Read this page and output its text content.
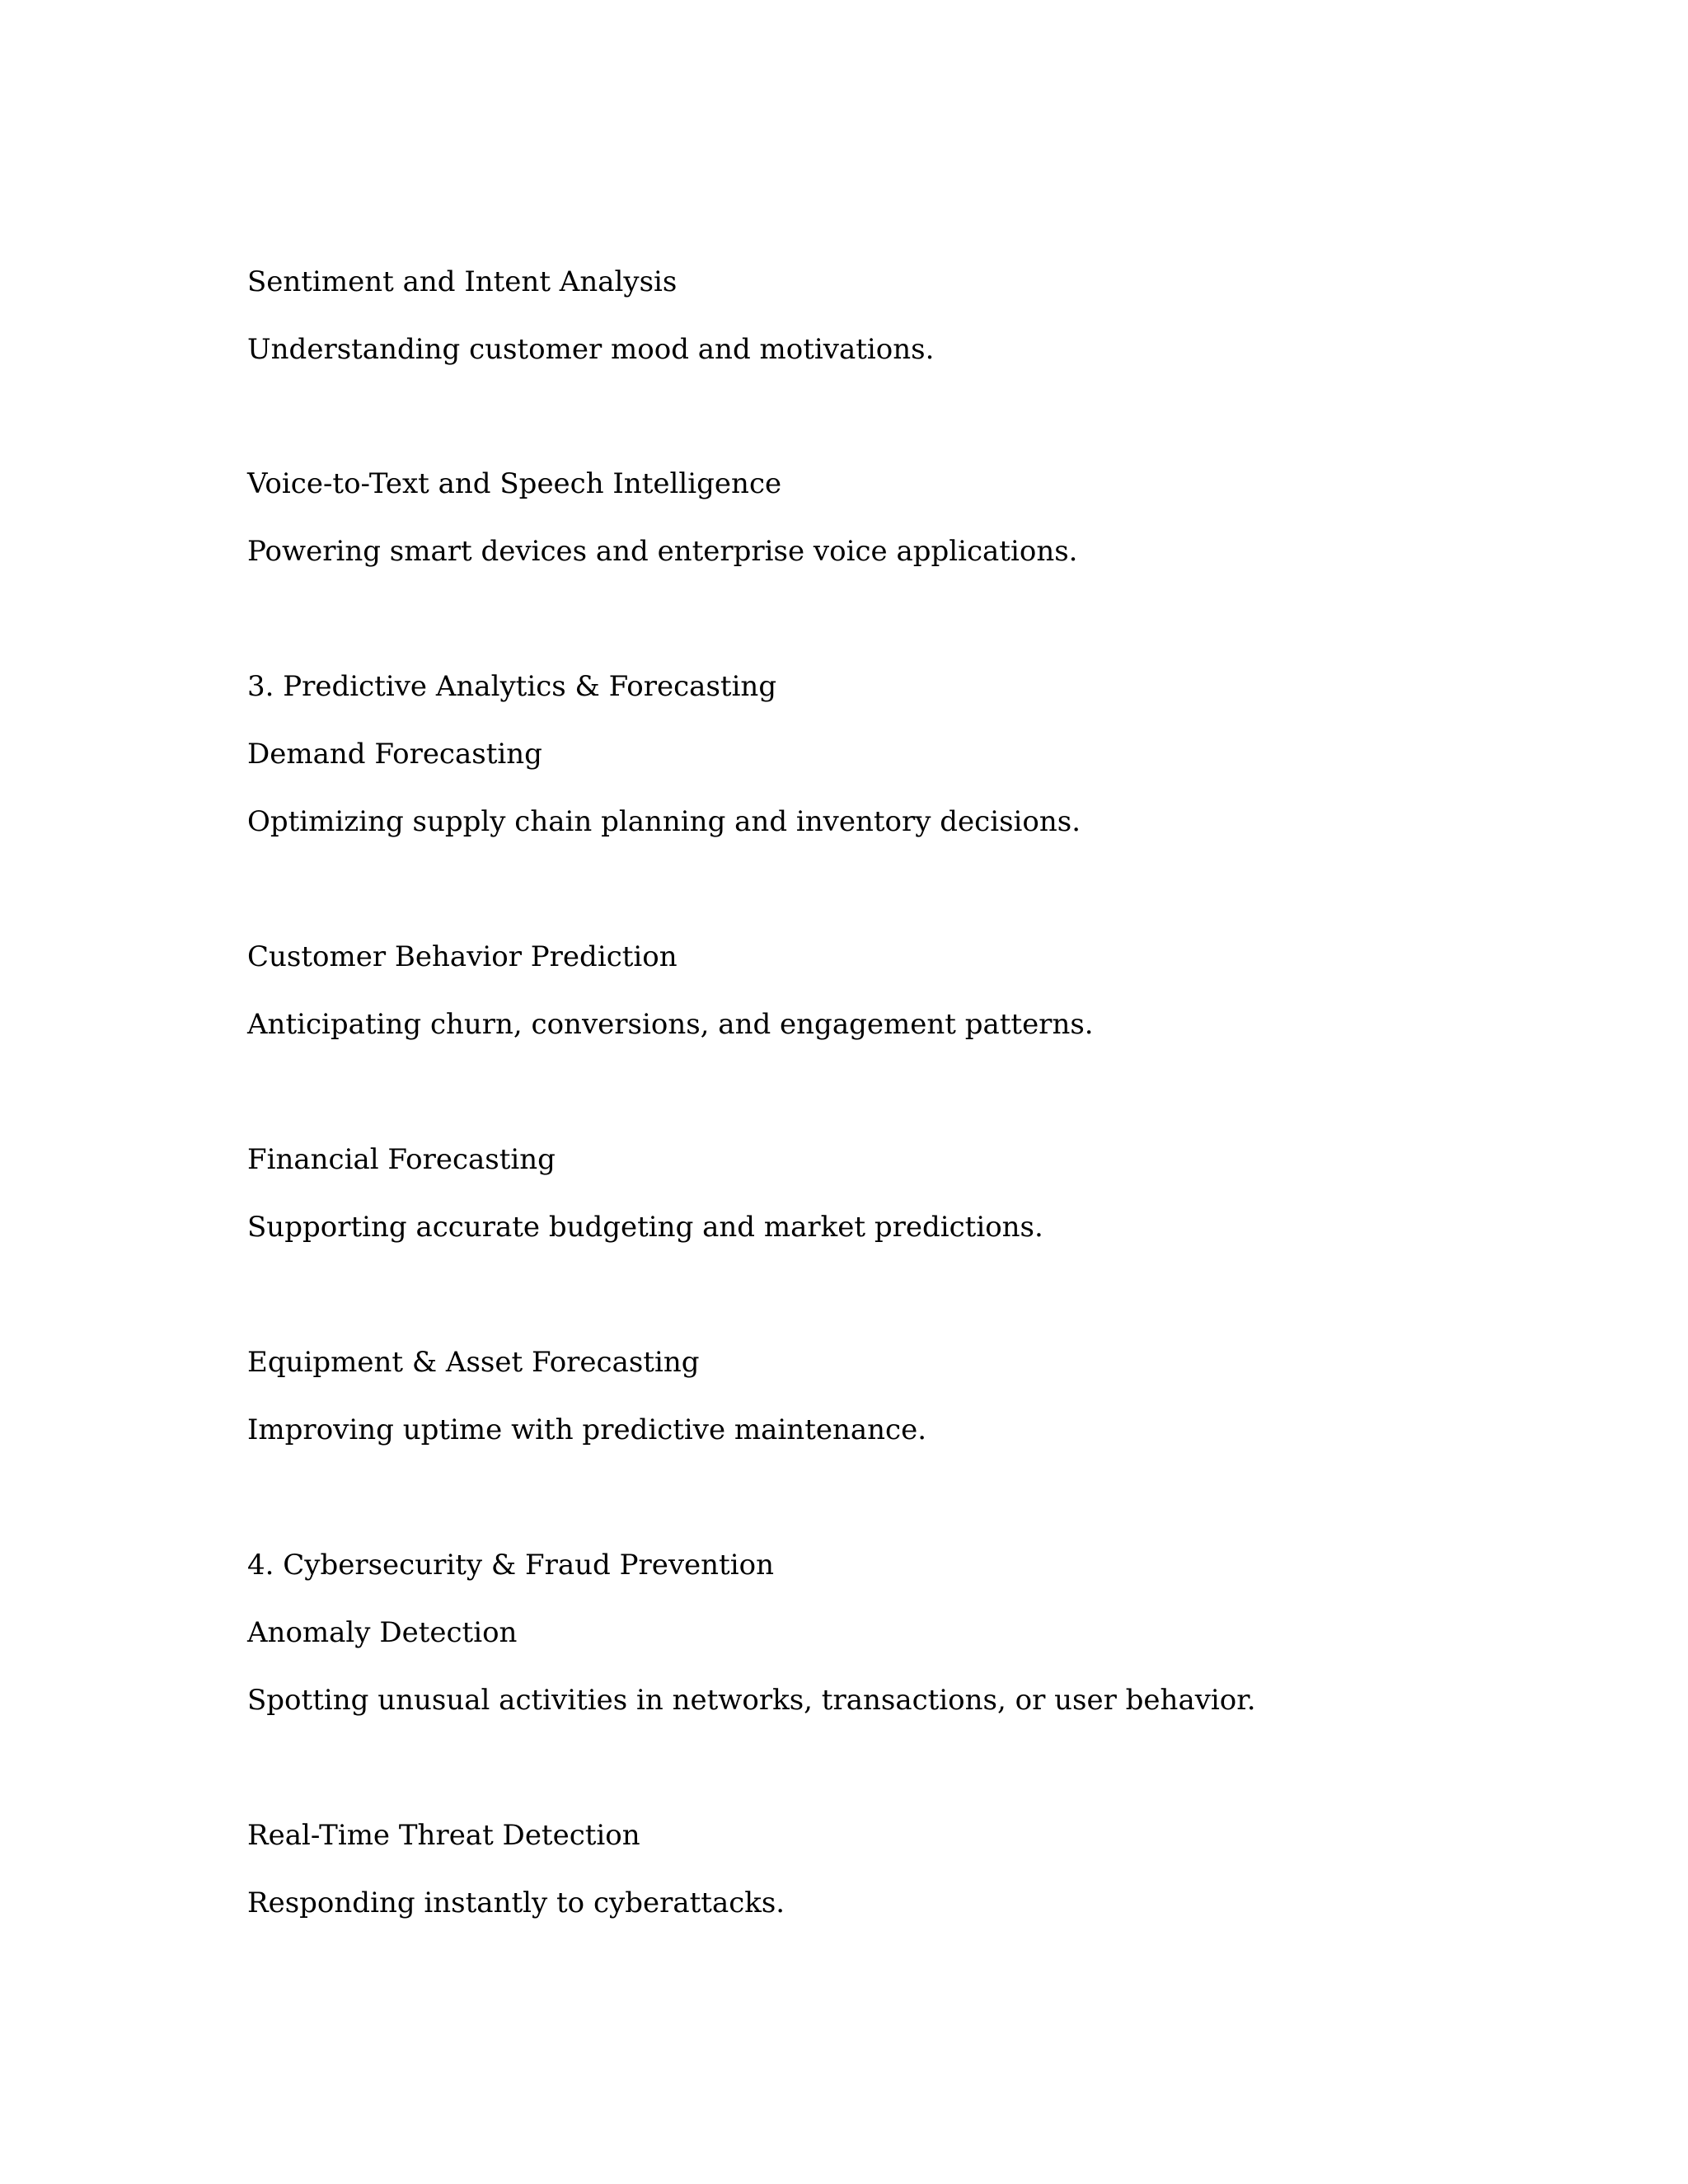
Sentiment and Intent Analysis

Understanding customer mood and motivations.

Voice-to-Text and Speech Intelligence

Powering smart devices and enterprise voice applications.

3. Predictive Analytics & Forecasting

Demand Forecasting

Optimizing supply chain planning and inventory decisions.

Customer Behavior Prediction

Anticipating churn, conversions, and engagement patterns.

Financial Forecasting

Supporting accurate budgeting and market predictions.

Equipment & Asset Forecasting

Improving uptime with predictive maintenance.

4. Cybersecurity & Fraud Prevention

Anomaly Detection

Spotting unusual activities in networks, transactions, or user behavior.

Real-Time Threat Detection

Responding instantly to cyberattacks.
